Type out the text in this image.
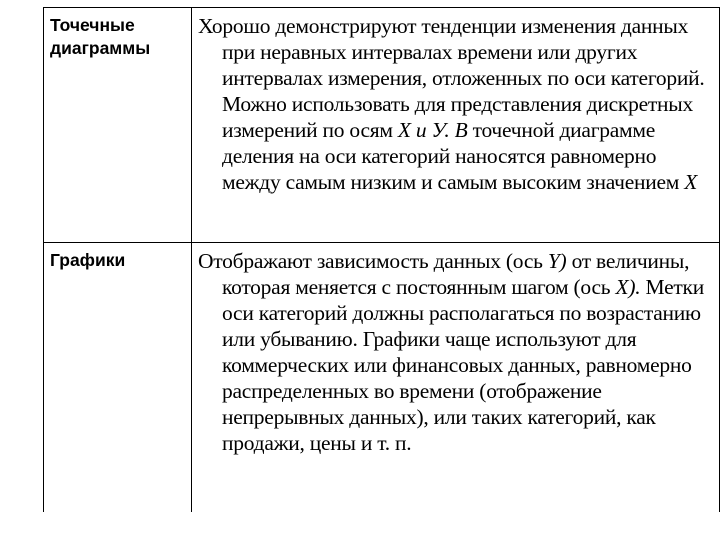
Точечные диаграммы	Хорошо демонстрируют тенденции изменения данных при неравных интервалах времени или других интервалах измерения, отложенных по оси категорий. Можно использовать для представления дискретных измерений по осям X и У. В точечной диаграмме деления на оси категорий наносятся равномерно между самым низким и самым высоким значением Х

Графики	Отображают зависимость данных (ось Y) от величины, которая меняется с постоянным шагом (ось Х). Метки оси категорий должны располагаться по возрастанию или убыванию. Графики чаще используют для коммерческих или финансовых данных, равномерно распределенных во времени (отображение непрерывных данных), или таких категорий, как продажи, цены и т. п.
